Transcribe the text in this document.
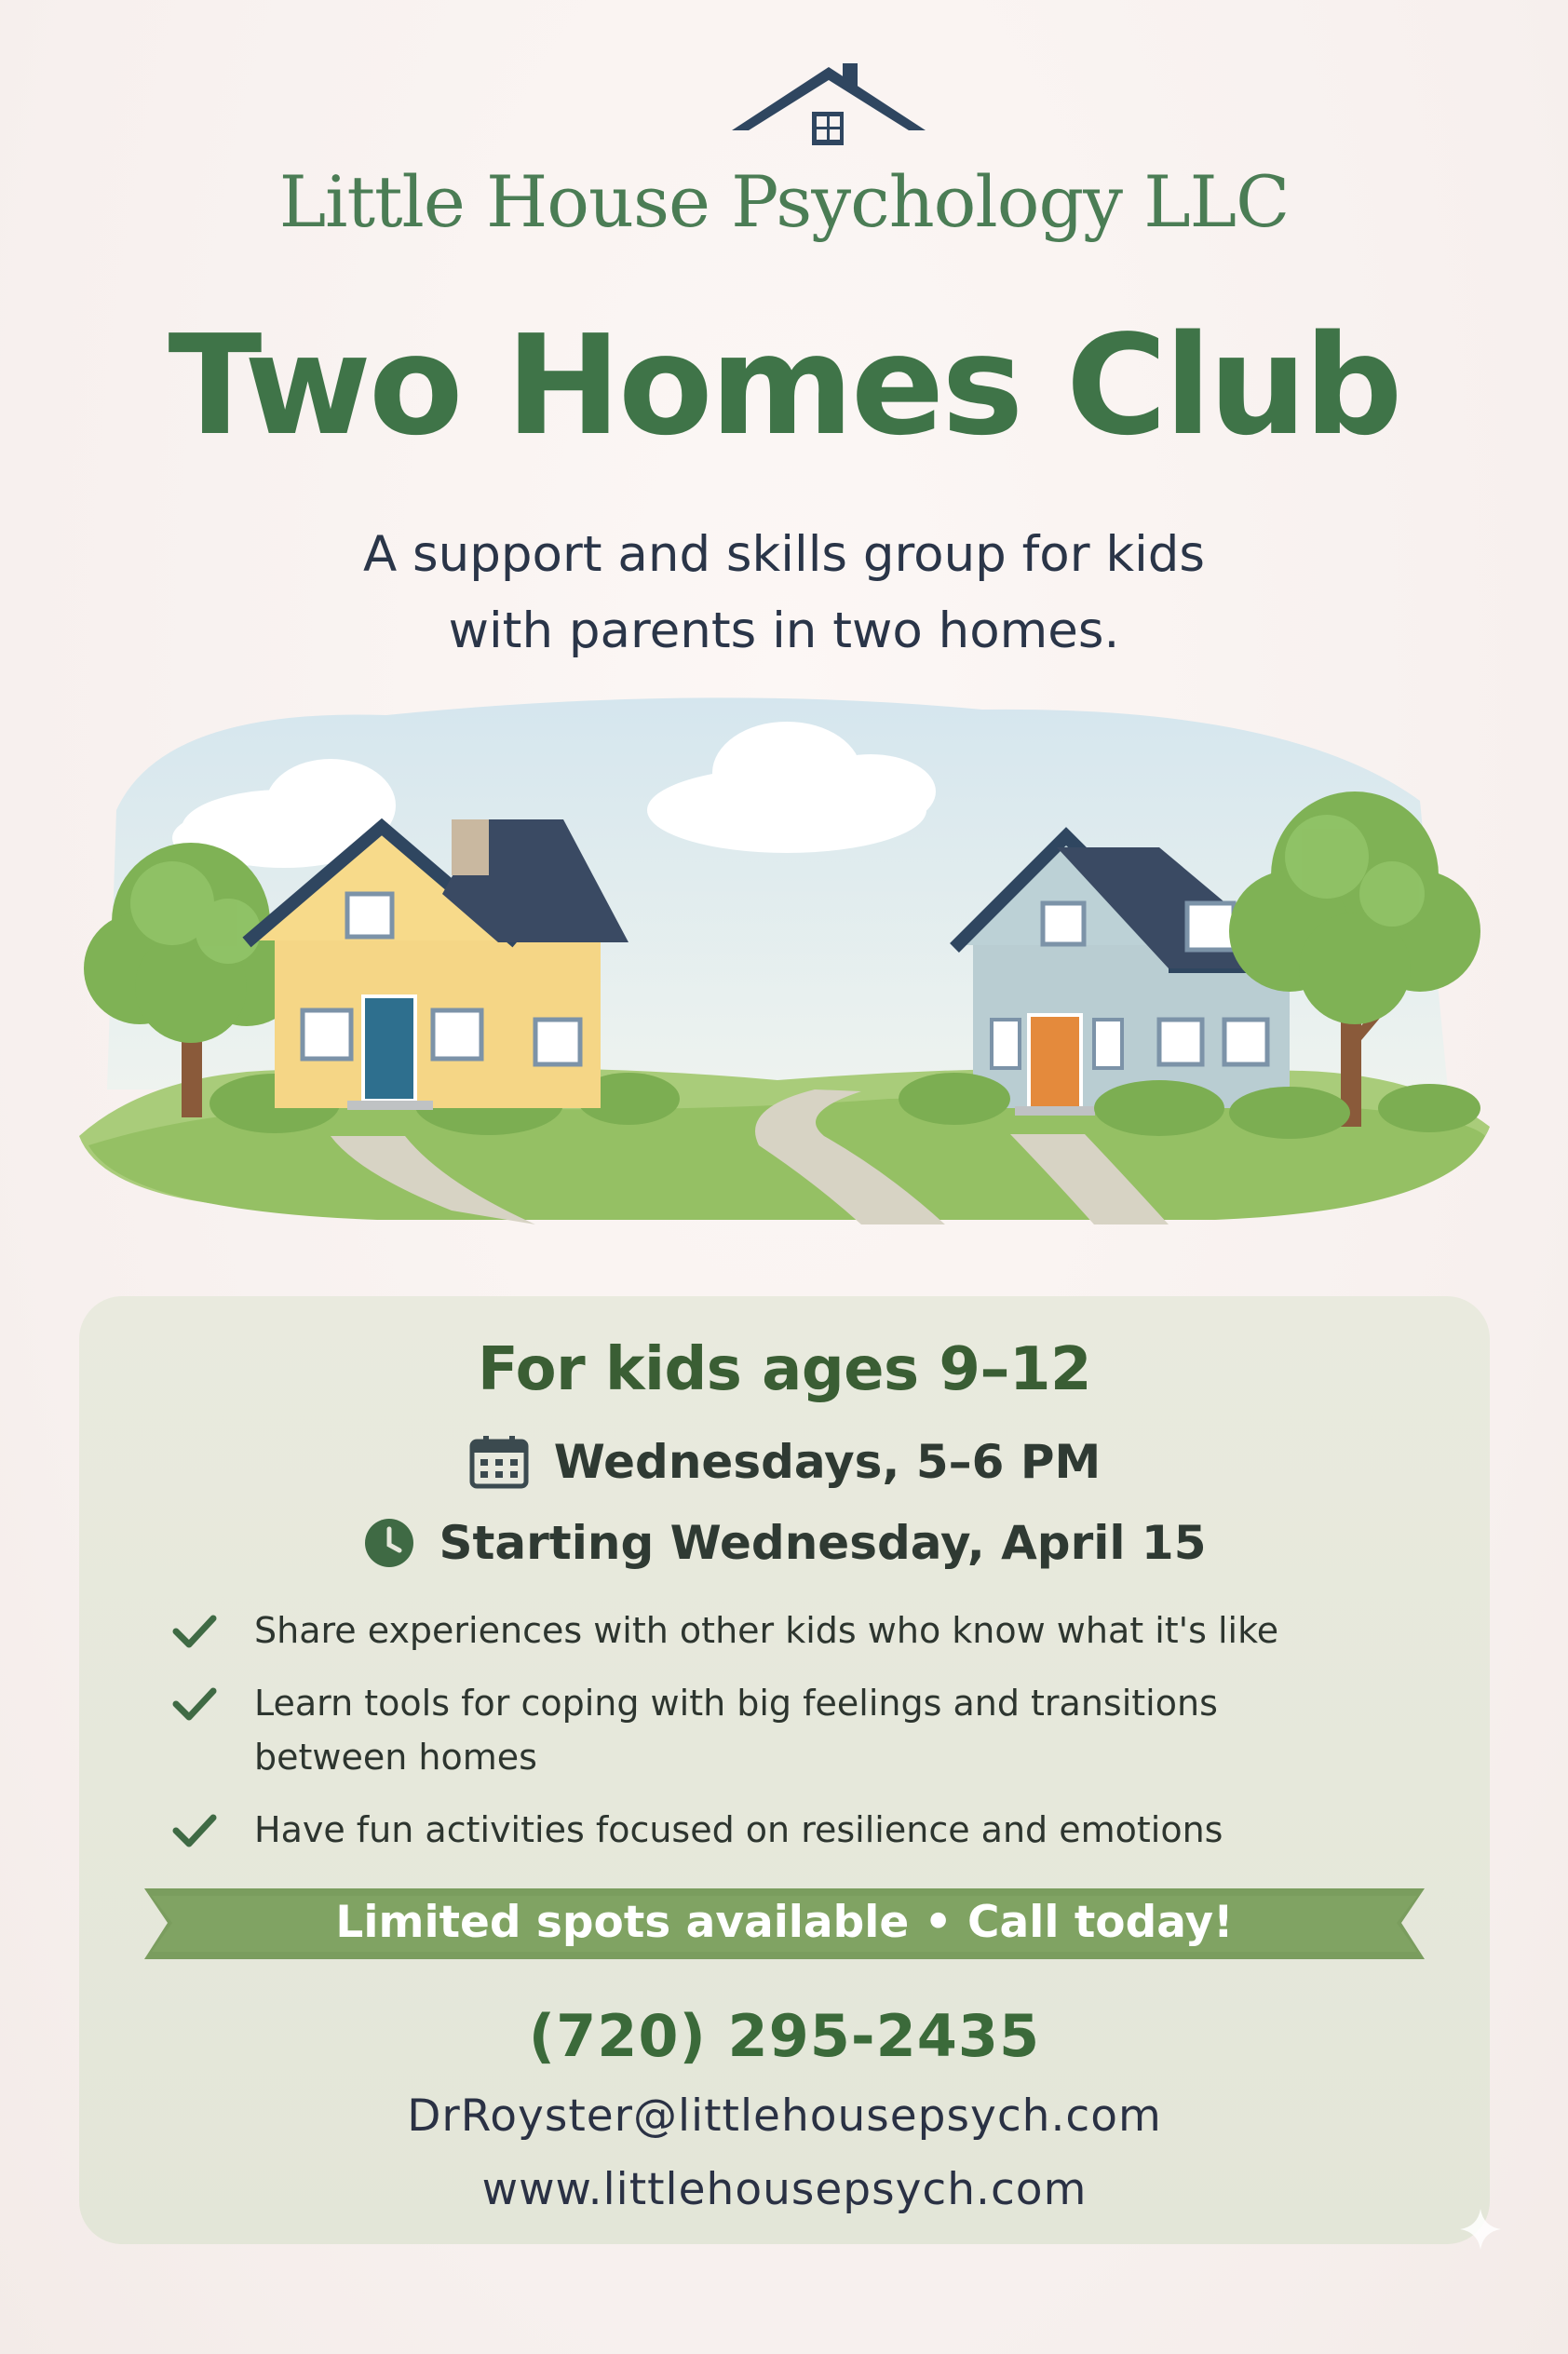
Little House Psychology LLC
Two Homes Club
A support and skills group for kids
with parents in two homes.
For kids ages 9–12
Wednesdays, 5–6 PM
Starting Wednesday, April 15
Share experiences with other kids who know what it's like
Learn tools for coping with big feelings and transitions
between homes
Have fun activities focused on resilience and emotions
Limited spots available • Call today!
(720) 295-2435
DrRoyster@littlehousepsych.com
www.littlehousepsych.com
